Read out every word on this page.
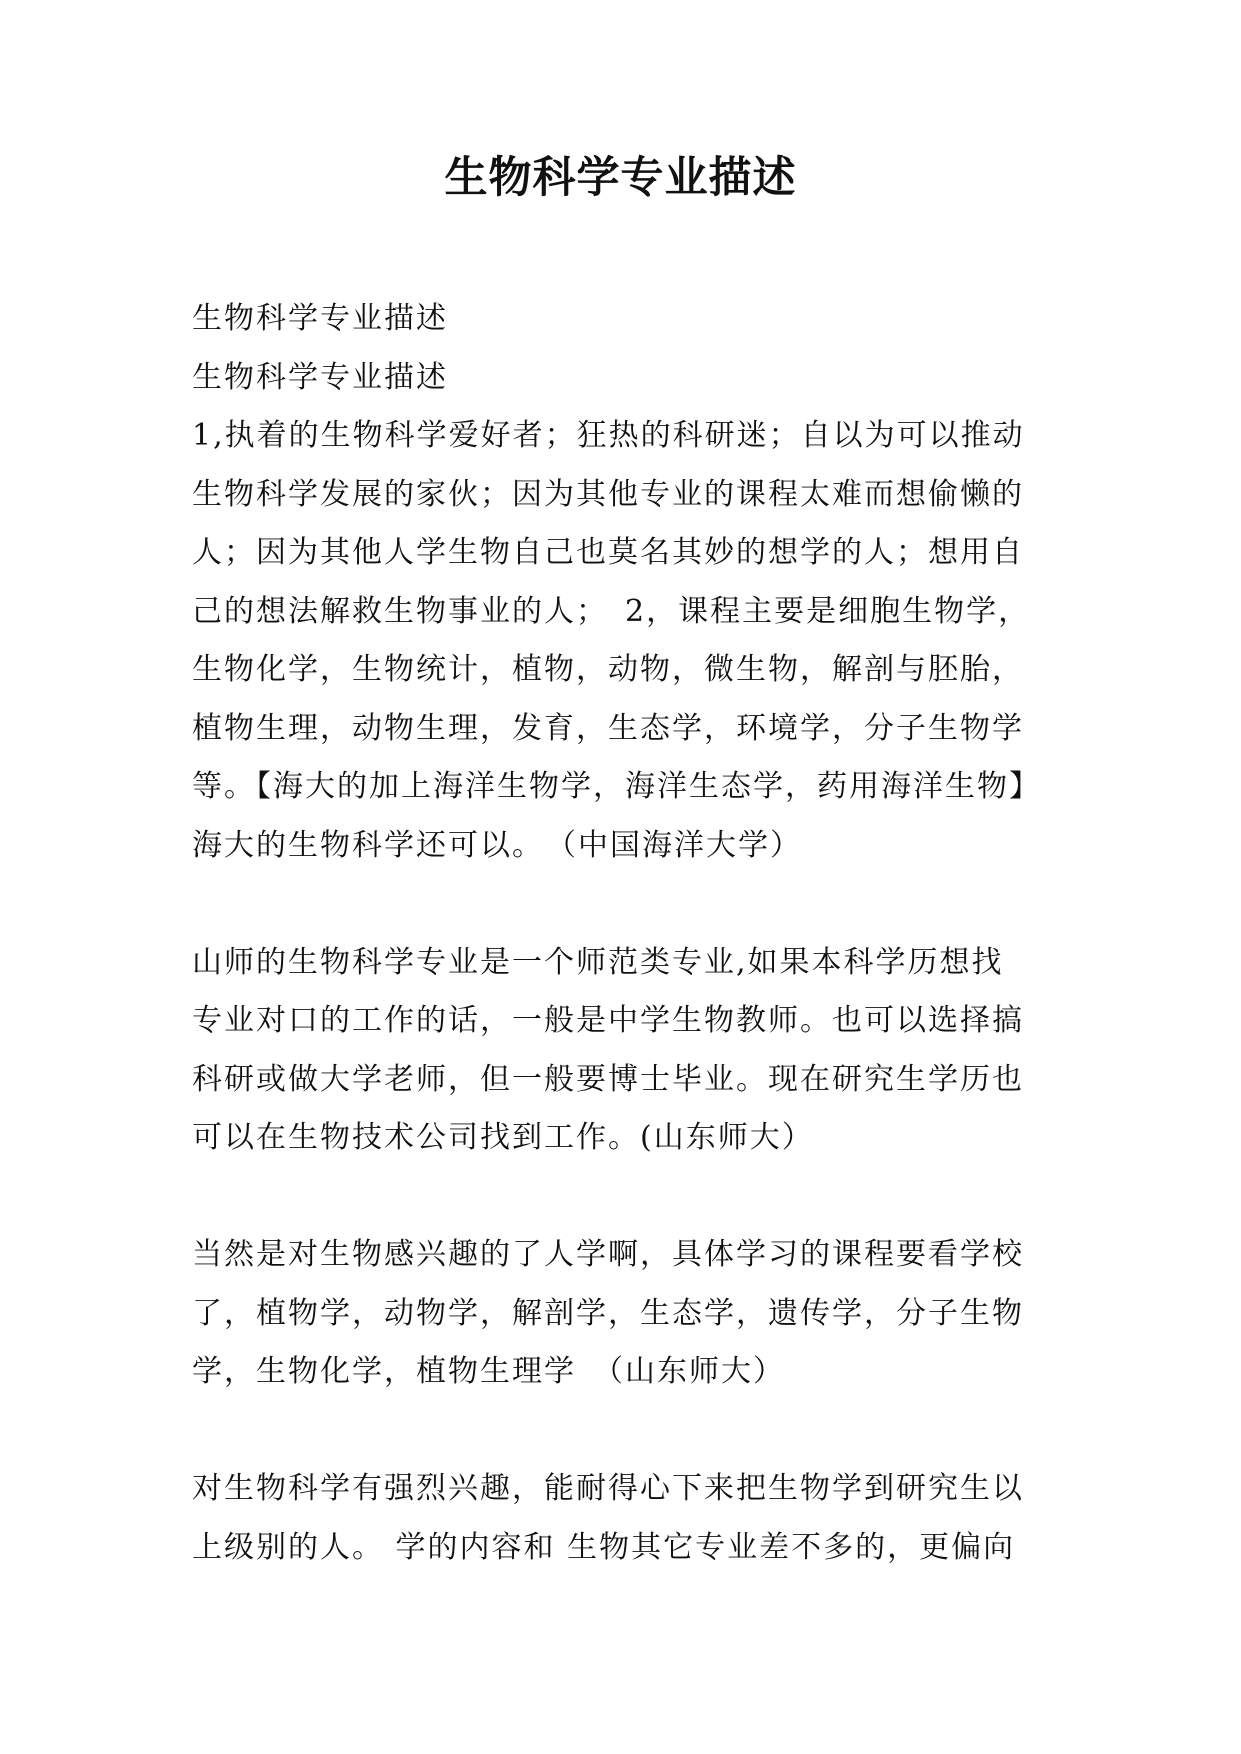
生物科学专业描述

生物科学专业描述

生物科学专业描述

1,执着的生物科学爱好者；狂热的科研迷；自以为可以推动

生物科学发展的家伙；因为其他专业的课程太难而想偷懒的

人；因为其他人学生物自己也莫名其妙的想学的人；想用自

己的想法解救生物事业的人；　2，课程主要是细胞生物学，

生物化学，生物统计，植物，动物，微生物，解剖与胚胎，

植物生理，动物生理，发育，生态学，环境学，分子生物学

等。【海大的加上海洋生物学，海洋生态学，药用海洋生物】

海大的生物科学还可以。　（中国海洋大学）

山师的生物科学专业是一个师范类专业,如果本科学历想找

专业对口的工作的话，一般是中学生物教师。也可以选择搞

科研或做大学老师，但一般要博士毕业。现在研究生学历也

可以在生物技术公司找到工作。(山东师大）

当然是对生物感兴趣的了人学啊，具体学习的课程要看学校

了，植物学，动物学，解剖学，生态学，遗传学，分子生物

学，生物化学，植物生理学　（山东师大）

对生物科学有强烈兴趣，能耐得心下来把生物学到研究生以

上级别的人。 学的内容和 生物其它专业差不多的，更偏向
